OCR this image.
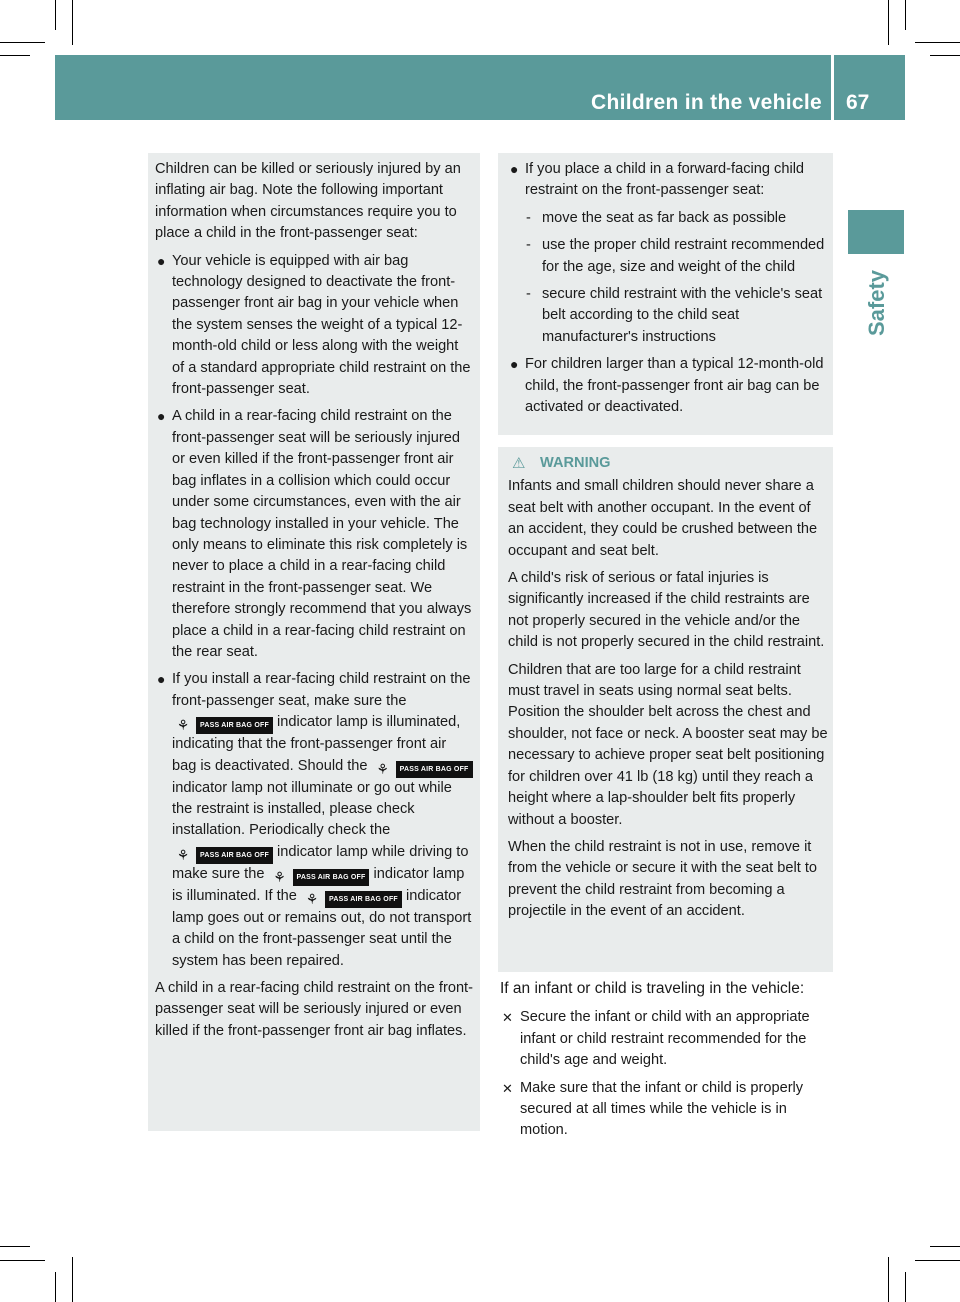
Children in the vehicle 67
Safety

Children can be killed or seriously injured by an inflating air bag. Note the following important information when circumstances require you to place a child in the front-passenger seat:

● Your vehicle is equipped with air bag technology designed to deactivate the front-passenger front air bag in your vehicle when the system senses the weight of a typical 12-month-old child or less along with the weight of a standard appropriate child restraint on the front-passenger seat.
● A child in a rear-facing child restraint on the front-passenger seat will be seriously injured or even killed if the front-passenger front air bag inflates in a collision which could occur under some circumstances, even with the air bag technology installed in your vehicle. The only means to eliminate this risk completely is never to place a child in a rear-facing child restraint in the front-passenger seat. We therefore strongly recommend that you always place a child in a rear-facing child restraint on the rear seat.
● If you install a rear-facing child restraint on the front-passenger seat, make sure the ⚘ PASS AIR BAG OFF indicator lamp is illuminated, indicating that the front-passenger front air bag is deactivated. Should the ⚘ PASS AIR BAG OFF indicator lamp not illuminate or go out while the restraint is installed, please check installation. Periodically check the ⚘ PASS AIR BAG OFF indicator lamp while driving to make sure the ⚘ PASS AIR BAG OFF indicator lamp is illuminated. If the ⚘ PASS AIR BAG OFF indicator lamp goes out or remains out, do not transport a child on the front-passenger seat until the system has been repaired.

A child in a rear-facing child restraint on the front-passenger seat will be seriously injured or even killed if the front-passenger front air bag inflates.

● If you place a child in a forward-facing child restraint on the front-passenger seat:
- move the seat as far back as possible
- use the proper child restraint recommended for the age, size and weight of the child
- secure child restraint with the vehicle's seat belt according to the child seat manufacturer's instructions
● For children larger than a typical 12-month-old child, the front-passenger front air bag can be activated or deactivated.
⚠ WARNING

Infants and small children should never share a seat belt with another occupant. In the event of an accident, they could be crushed between the occupant and seat belt.

A child's risk of serious or fatal injuries is significantly increased if the child restraints are not properly secured in the vehicle and/or the child is not properly secured in the child restraint.

Children that are too large for a child restraint must travel in seats using normal seat belts. Position the shoulder belt across the chest and shoulder, not face or neck. A booster seat may be necessary to achieve proper seat belt positioning for children over 41 lb (18 kg) until they reach a height where a lap-shoulder belt fits properly without a booster.

When the child restraint is not in use, remove it from the vehicle or secure it with the seat belt to prevent the child restraint from becoming a projectile in the event of an accident.

If an infant or child is traveling in the vehicle:

✕ Secure the infant or child with an appropriate infant or child restraint recommended for the child's age and weight.
✕ Make sure that the infant or child is properly secured at all times while the vehicle is in motion.
